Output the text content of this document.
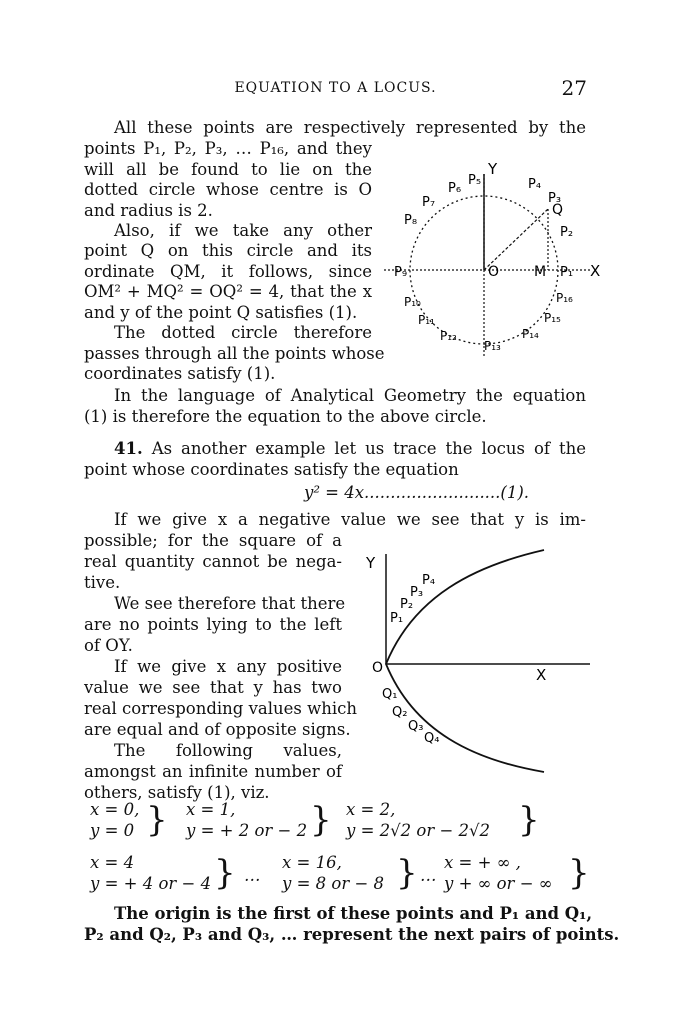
EQUATION TO A LOCUS.	27
All these points are respectively represented by the
points P₁, P₂, P₃, … P₁₆, and they
will all be found to lie on the
dotted circle whose centre is O
and radius is 2.
Also, if we take any other
point Q on this circle and its
ordinate QM, it follows, since
OM² + MQ² = OQ² = 4, that the x
and y of the point Q satisfies (1).
The dotted circle therefore
passes through all the points whose
coordinates satisfy (1).
Y
X
O M
Q
P₁
P₂
P₃
P₄
P₅
P₆
P₇
P₈
P₉
P₁₀
P₁₁
P₁₂
P₁₃
P₁₄
P₁₅
P₁₆
In the language of Analytical Geometry the equation
(1) is therefore the equation to the above circle.
41. As another example let us trace the locus of the
point whose coordinates satisfy the equation
y² = 4x..........................(1).
If we give x a negative value we see that y is im-
possible; for the square of a
real quantity cannot be nega-
tive.
We see therefore that there
are no points lying to the left
of OY.
If we give x any positive
value we see that y has two
real corresponding values which
are equal and of opposite signs.
The following values,
amongst an infinite number of
others, satisfy (1), viz.
Y
X
O
P₁
P₂
P₃
P₄
Q₁
Q₂
Q₃
Q₄
x = 0,
y = 0 } x = 1,
y = + 2 or − 2 } x = 2,
y = 2√2 or − 2√2 }
x = 4
y = + 4 or − 4 } …
x = 16,
y = 8 or − 8 } …
x = + ∞ ,
y + ∞ or − ∞ }
The origin is the first of these points and P₁ and Q₁,
P₂ and Q₂, P₃ and Q₃, … represent the next pairs of points.
